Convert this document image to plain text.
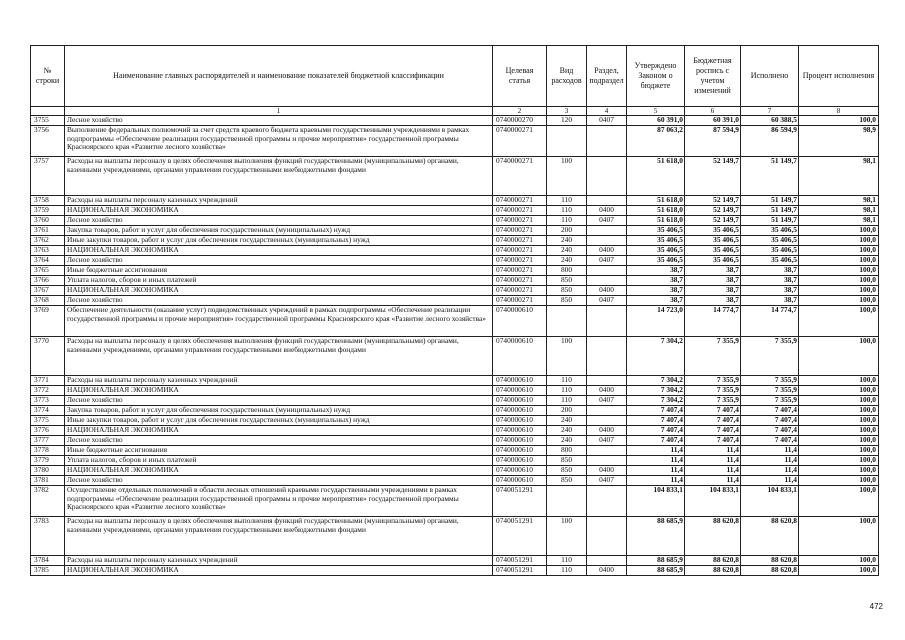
№ строки	Наименование главных распорядителей и наименование показателей бюджетной классификации	Целевая статья	Вид расходов	Раздел, подраздел	Утверждено Законом о бюджете	Бюджетная роспись с учетом изменений	Исполнено	Процент исполнения
	1	2	3	4	5	6	7	8
3755	Лесное хозяйство	0740000270	120	0407	60 391,0	60 391,0	60 388,5	100,0
3756	Выполнение федеральных полномочий за счет средств краевого бюджета краевыми государственными учреждениями в рамках подпрограммы «Обеспечение реализации государственной программы и прочие мероприятия» государственной программы Красноярского края «Развитие лесного хозяйства»	0740000271			87 063,2	87 594,9	86 594,9	98,9
3757	Расходы на выплаты персоналу в целях обеспечения выполнения функций государственными (муниципальными) органами, казенными учреждениями, органами управления государственными внебюджетными фондами	0740000271	100		51 618,0	52 149,7	51 149,7	98,1
3758	Расходы на выплаты персоналу казенных учреждений	0740000271	110		51 618,0	52 149,7	51 149,7	98,1
3759	НАЦИОНАЛЬНАЯ ЭКОНОМИКА	0740000271	110	0400	51 618,0	52 149,7	51 149,7	98,1
3760	Лесное хозяйство	0740000271	110	0407	51 618,0	52 149,7	51 149,7	98,1
3761	Закупка товаров, работ и услуг для обеспечения государственных (муниципальных) нужд	0740000271	200		35 406,5	35 406,5	35 406,5	100,0
3762	Иные закупки товаров, работ и услуг для обеспечения государственных (муниципальных) нужд	0740000271	240		35 406,5	35 406,5	35 406,5	100,0
3763	НАЦИОНАЛЬНАЯ ЭКОНОМИКА	0740000271	240	0400	35 406,5	35 406,5	35 406,5	100,0
3764	Лесное хозяйство	0740000271	240	0407	35 406,5	35 406,5	35 406,5	100,0
3765	Иные бюджетные ассигнования	0740000271	800		38,7	38,7	38,7	100,0
3766	Уплата налогов, сборов и иных платежей	0740000271	850		38,7	38,7	38,7	100,0
3767	НАЦИОНАЛЬНАЯ ЭКОНОМИКА	0740000271	850	0400	38,7	38,7	38,7	100,0
3768	Лесное хозяйство	0740000271	850	0407	38,7	38,7	38,7	100,0
3769	Обеспечение деятельности (оказание услуг) подведомственных учреждений в рамках подпрограммы «Обеспечение реализации государственной программы и прочие мероприятия» государственной программы Красноярского края «Развитие лесного хозяйства»	0740000610			14 723,0	14 774,7	14 774,7	100,0
3770	Расходы на выплаты персоналу в целях обеспечения выполнения функций государственными (муниципальными) органами, казенными учреждениями, органами управления государственными внебюджетными фондами	0740000610	100		7 304,2	7 355,9	7 355,9	100,0
3771	Расходы на выплаты персоналу казенных учреждений	0740000610	110		7 304,2	7 355,9	7 355,9	100,0
3772	НАЦИОНАЛЬНАЯ ЭКОНОМИКА	0740000610	110	0400	7 304,2	7 355,9	7 355,9	100,0
3773	Лесное хозяйство	0740000610	110	0407	7 304,2	7 355,9	7 355,9	100,0
3774	Закупка товаров, работ и услуг для обеспечения государственных (муниципальных) нужд	0740000610	200		7 407,4	7 407,4	7 407,4	100,0
3775	Иные закупки товаров, работ и услуг для обеспечения государственных (муниципальных) нужд	0740000610	240		7 407,4	7 407,4	7 407,4	100,0
3776	НАЦИОНАЛЬНАЯ ЭКОНОМИКА	0740000610	240	0400	7 407,4	7 407,4	7 407,4	100,0
3777	Лесное хозяйство	0740000610	240	0407	7 407,4	7 407,4	7 407,4	100,0
3778	Иные бюджетные ассигнования	0740000610	800		11,4	11,4	11,4	100,0
3779	Уплата налогов, сборов и иных платежей	0740000610	850		11,4	11,4	11,4	100,0
3780	НАЦИОНАЛЬНАЯ ЭКОНОМИКА	0740000610	850	0400	11,4	11,4	11,4	100,0
3781	Лесное хозяйство	0740000610	850	0407	11,4	11,4	11,4	100,0
3782	Осуществление отдельных полномочий в области лесных отношений краевыми государственными учреждениями в рамках подпрограммы «Обеспечение реализации государственной программы и прочие мероприятия» государственной программы Красноярского края «Развитие лесного хозяйства»	0740051291			104 833,1	104 833,1	104 833,1	100,0
3783	Расходы на выплаты персоналу в целях обеспечения выполнения функций государственными (муниципальными) органами, казенными учреждениями, органами управления государственными внебюджетными фондами	0740051291	100		88 685,9	88 620,8	88 620,8	100,0
3784	Расходы на выплаты персоналу казенных учреждений	0740051291	110		88 685,9	88 620,8	88 620,8	100,0
3785	НАЦИОНАЛЬНАЯ ЭКОНОМИКА	0740051291	110	0400	88 685,9	88 620,8	88 620,8	100,0
472
